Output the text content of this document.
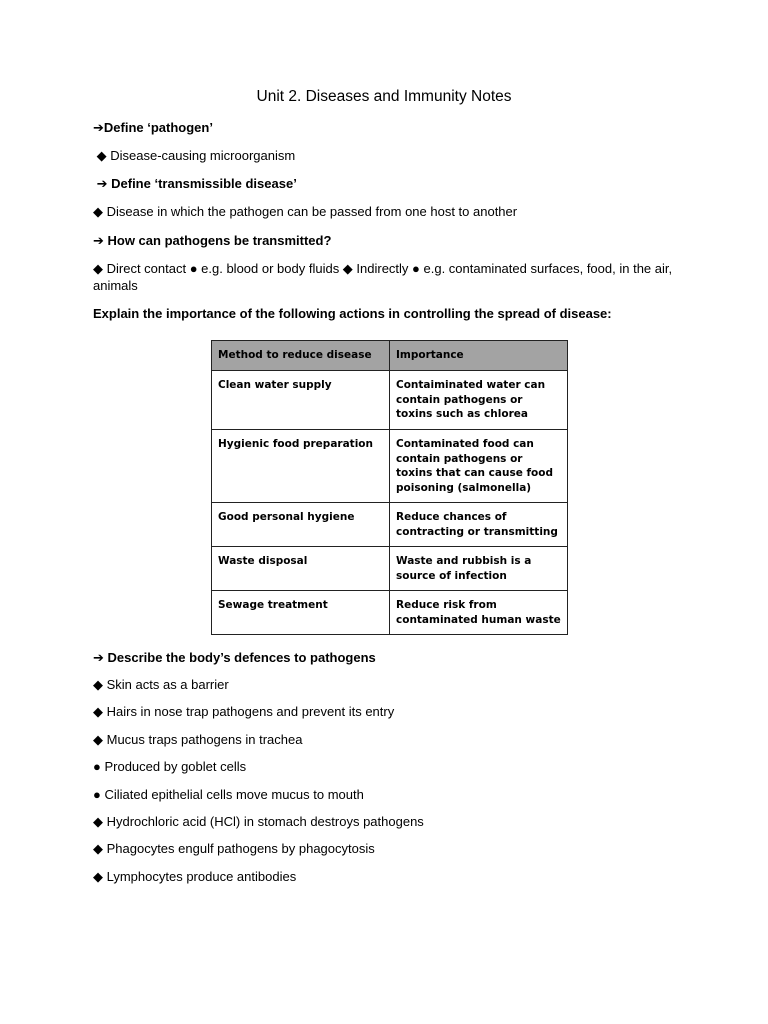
Unit 2. Diseases and Immunity Notes
➔Define ‘pathogen’
◆ Disease-causing microorganism
➔ Define ‘transmissible disease’
◆ Disease in which the pathogen can be passed from one host to another
➔ How can pathogens be transmitted?
◆ Direct contact ● e.g. blood or body fluids ◆ Indirectly ● e.g. contaminated surfaces, food, in the air, animals
Explain the importance of the following actions in controlling the spread of disease:
Method to reduce disease	Importance
Clean water supply	Contaiminated water can contain pathogens or toxins such as chlorea
Hygienic food preparation	Contaminated food can contain pathogens or toxins that can cause food poisoning (salmonella)
Good personal hygiene	Reduce chances of contracting or transmitting
Waste disposal	Waste and rubbish is a source of infection
Sewage treatment	Reduce risk from contaminated human waste
➔ Describe the body’s defences to pathogens
◆ Skin acts as a barrier
◆ Hairs in nose trap pathogens and prevent its entry
◆ Mucus traps pathogens in trachea
● Produced by goblet cells
● Ciliated epithelial cells move mucus to mouth
◆ Hydrochloric acid (HCl) in stomach destroys pathogens
◆ Phagocytes engulf pathogens by phagocytosis
◆ Lymphocytes produce antibodies
